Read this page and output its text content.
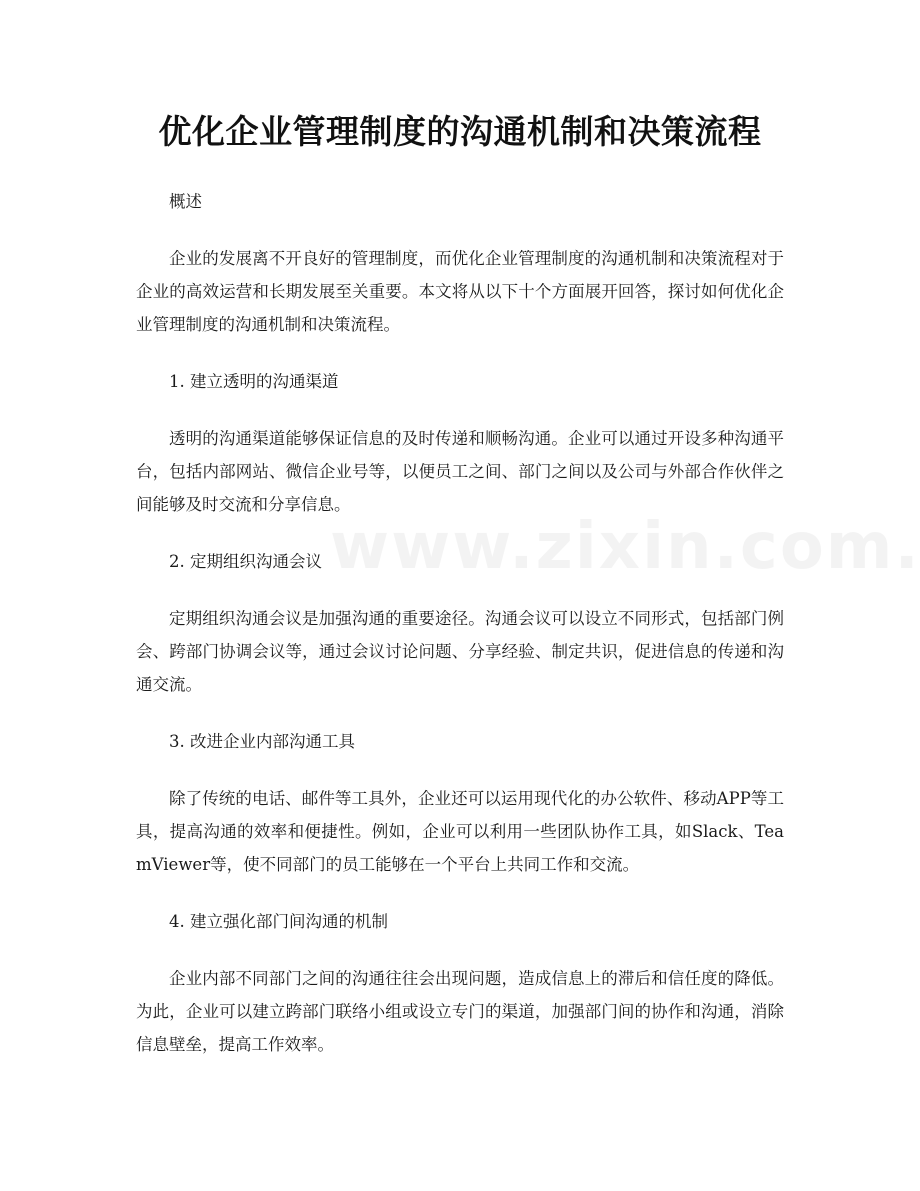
优化企业管理制度的沟通机制和决策流程

概述

企业的发展离不开良好的管理制度，而优化企业管理制度的沟通机制和决策流程对于企业的高效运营和长期发展至关重要。本文将从以下十个方面展开回答，探讨如何优化企业管理制度的沟通机制和决策流程。

1. 建立透明的沟通渠道

透明的沟通渠道能够保证信息的及时传递和顺畅沟通。企业可以通过开设多种沟通平台，包括内部网站、微信企业号等，以便员工之间、部门之间以及公司与外部合作伙伴之间能够及时交流和分享信息。

2. 定期组织沟通会议

定期组织沟通会议是加强沟通的重要途径。沟通会议可以设立不同形式，包括部门例会、跨部门协调会议等，通过会议讨论问题、分享经验、制定共识，促进信息的传递和沟通交流。

3. 改进企业内部沟通工具

除了传统的电话、邮件等工具外，企业还可以运用现代化的办公软件、移动APP等工具，提高沟通的效率和便捷性。例如，企业可以利用一些团队协作工具，如Slack、TeamViewer等，使不同部门的员工能够在一个平台上共同工作和交流。

4. 建立强化部门间沟通的机制

企业内部不同部门之间的沟通往往会出现问题，造成信息上的滞后和信任度的降低。为此，企业可以建立跨部门联络小组或设立专门的渠道，加强部门间的协作和沟通，消除信息壁垒，提高工作效率。
